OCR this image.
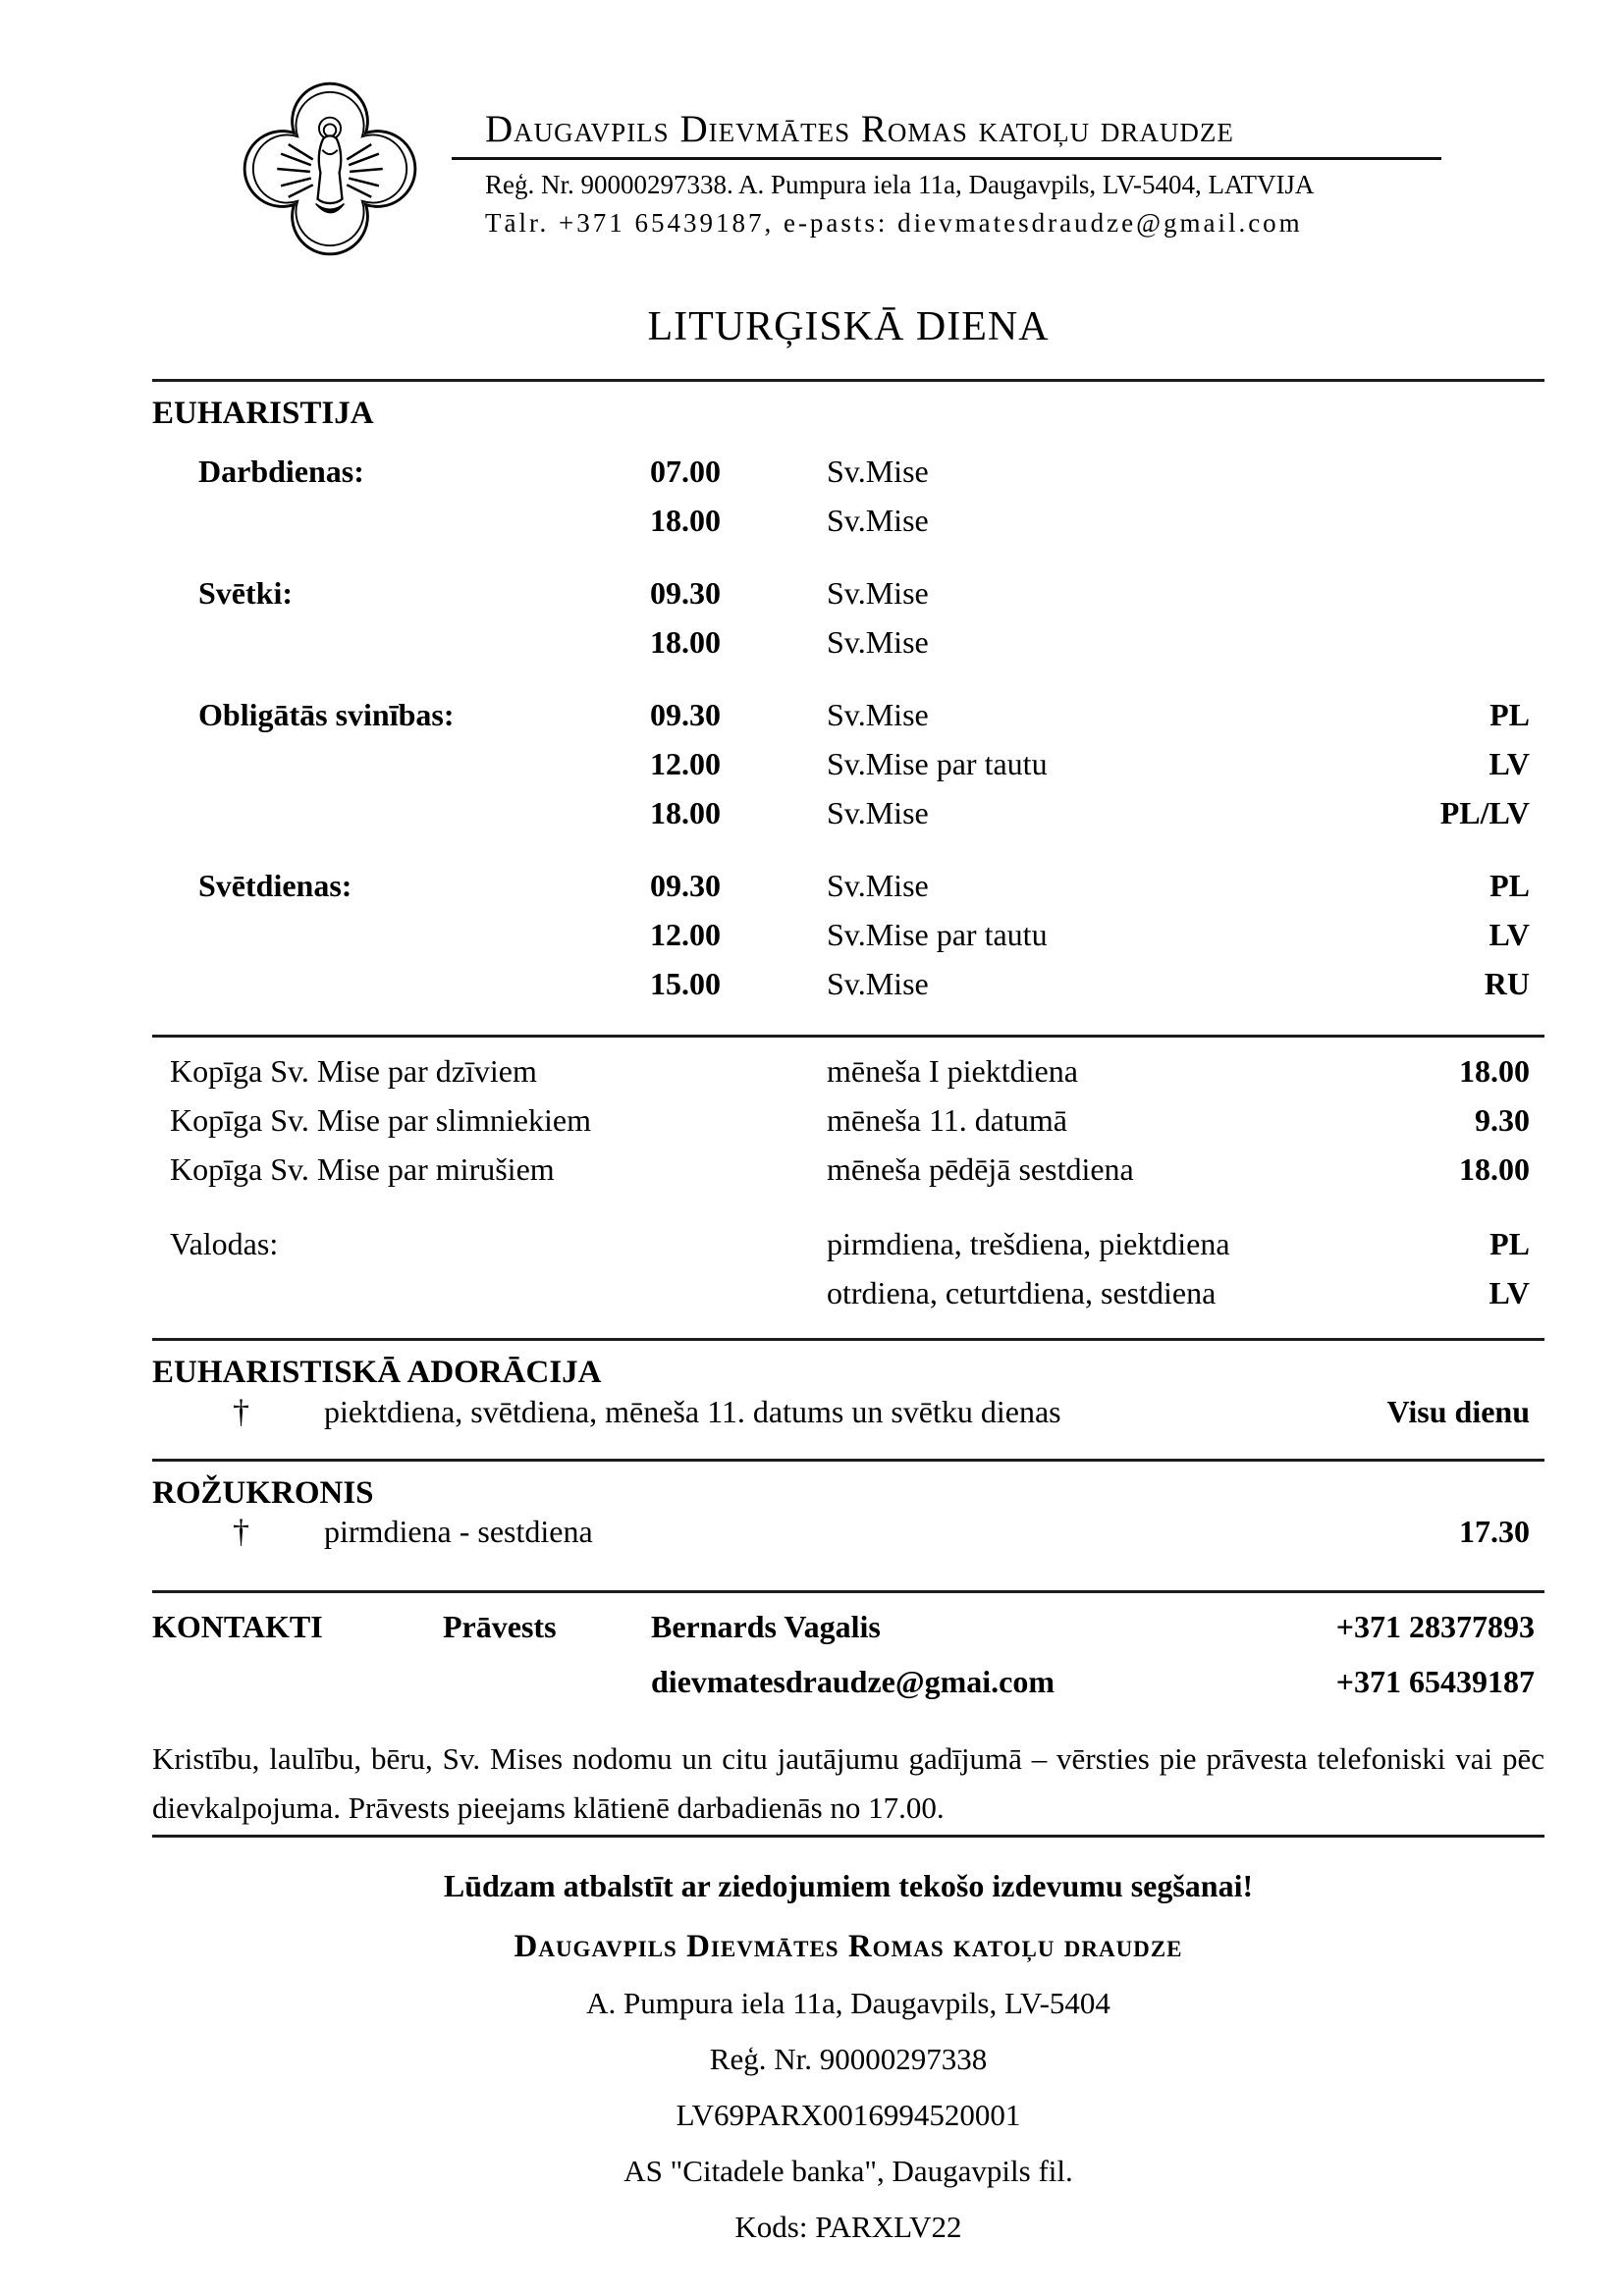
Daugavpils Dievmātes Romas katoļu draudze
Reģ. Nr. 90000297338. A. Pumpura iela 11a, Daugavpils, LV-5404, LATVIJA
Tālr. +371 65439187, e-pasts: dievmatesdraudze@gmail.com
LITURĢISKĀ DIENA
EUHARISTIJA
Darbdienas:	07.00	Sv.Mise
18.00	Sv.Mise
Svētki:	09.30	Sv.Mise
18.00	Sv.Mise
Obligātās svinības:	09.30	Sv.Mise	PL
12.00	Sv.Mise par tautu	LV
18.00	Sv.Mise	PL/LV
Svētdienas:	09.30	Sv.Mise	PL
12.00	Sv.Mise par tautu	LV
15.00	Sv.Mise	RU
Kopīga Sv. Mise par dzīviem	mēneša I piektdiena	18.00
Kopīga Sv. Mise par slimniekiem	mēneša 11. datumā	9.30
Kopīga Sv. Mise par mirušiem	mēneša pēdējā sestdiena	18.00
Valodas:	pirmdiena, trešdiena, piektdiena	PL
otrdiena, ceturtdiena, sestdiena	LV
EUHARISTISKĀ ADORĀCIJA
†	piektdiena, svētdiena, mēneša 11. datums un svētku dienas	Visu dienu
ROŽUKRONIS
†	pirmdiena - sestdiena	17.30
KONTAKTI	Prāvests	Bernards Vagalis	+371 28377893
dievmatesdraudze@gmai.com	+371 65439187
Kristību, laulību, bēru, Sv. Mises nodomu un citu jautājumu gadījumā – vērsties pie prāvesta telefoniski vai pēc dievkalpojuma. Prāvests pieejams klātienē darbadienās no 17.00.
Lūdzam atbalstīt ar ziedojumiem tekošo izdevumu segšanai!
Daugavpils Dievmātes Romas katoļu draudze
A. Pumpura iela 11a, Daugavpils, LV-5404
Reģ. Nr. 90000297338
LV69PARX0016994520001
AS "Citadele banka", Daugavpils fil.
Kods: PARXLV22
